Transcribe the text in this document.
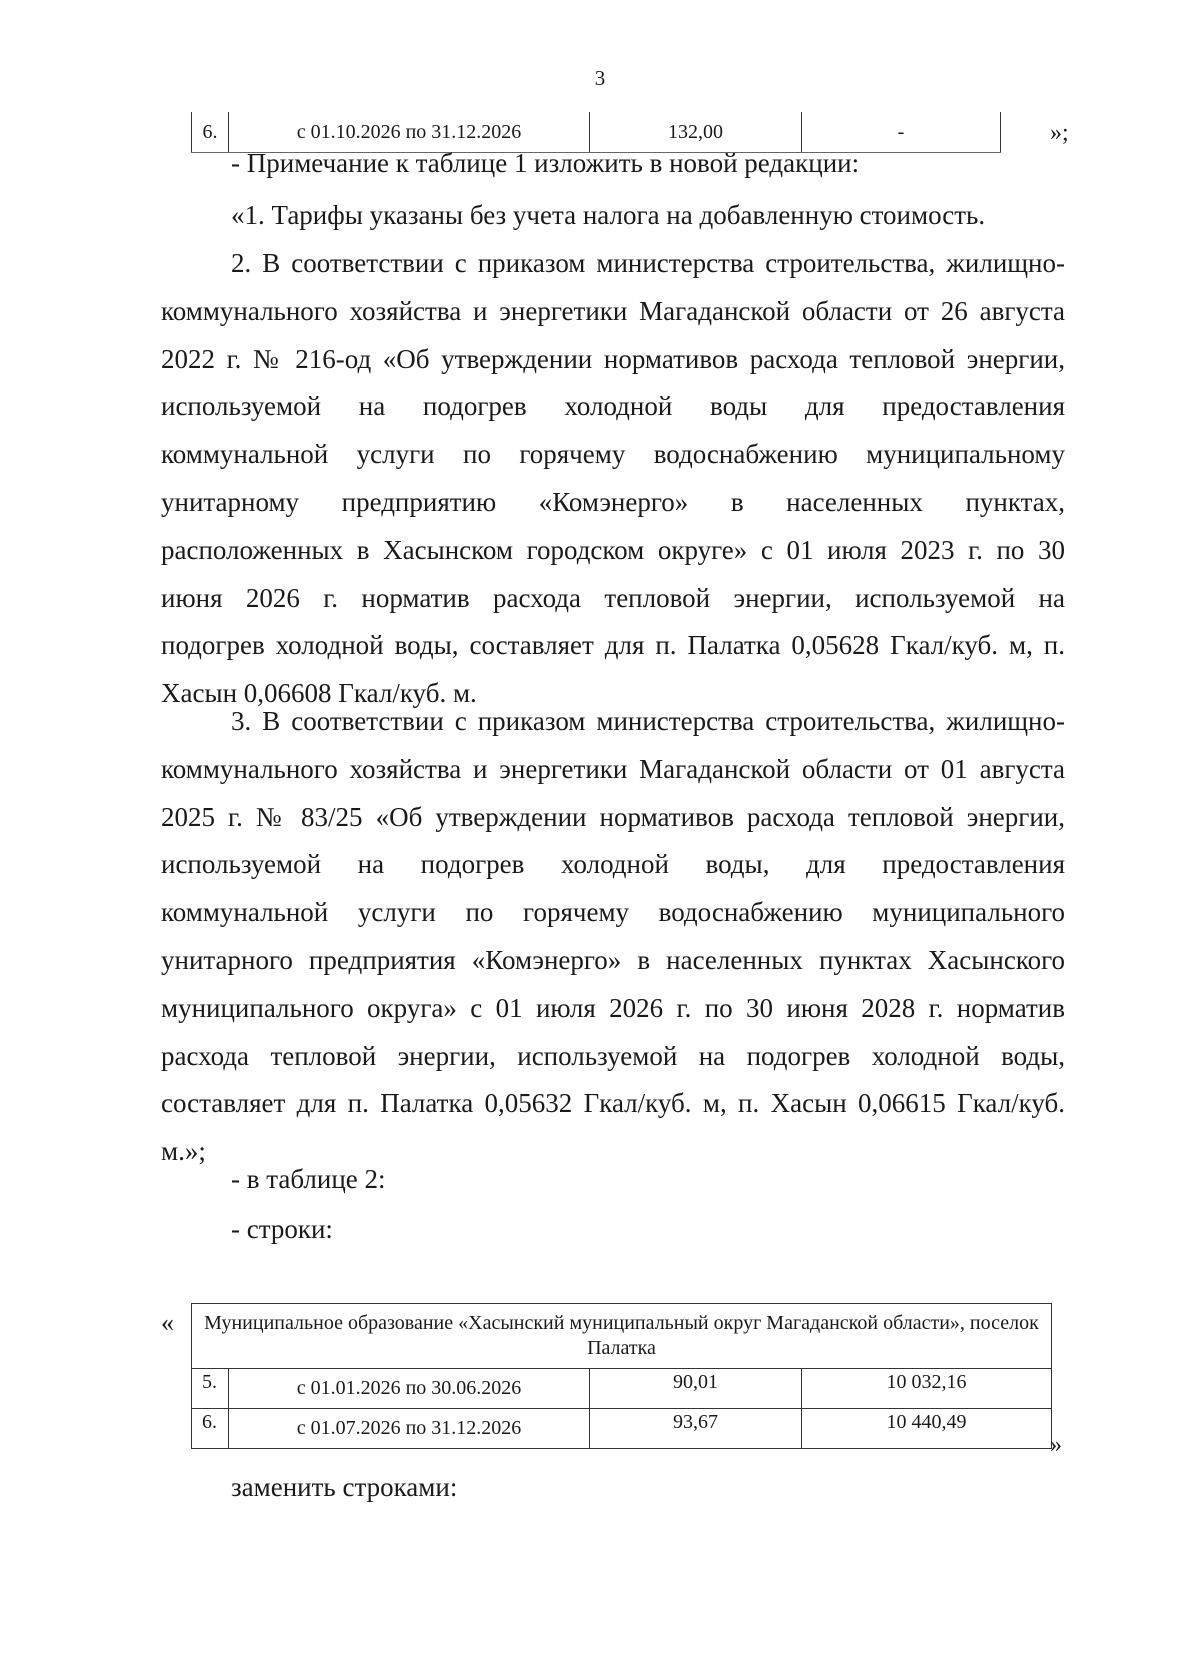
3
6.	с 01.10.2026 по 31.12.2026	132,00	-	»;
- Примечание к таблице 1 изложить в новой редакции:
«1. Тарифы указаны без учета налога на добавленную стоимость.
2. В соответствии с приказом министерства строительства, жилищно-
коммунального хозяйства и энергетики Магаданской области от 26 августа
2022 г. № 216-од «Об утверждении нормативов расхода тепловой энергии,
используемой на подогрев холодной воды для предоставления
коммунальной услуги по горячему водоснабжению муниципальному
унитарному предприятию «Комэнерго» в населенных пунктах,
расположенных в Хасынском городском округе» с 01 июля 2023 г. по 30
июня 2026 г. норматив расхода тепловой энергии, используемой на
подогрев холодной воды, составляет для п. Палатка 0,05628 Гкал/куб. м, п.
Хасын 0,06608 Гкал/куб. м.
3. В соответствии с приказом министерства строительства, жилищно-
коммунального хозяйства и энергетики Магаданской области от 01 августа
2025 г. № 83/25 «Об утверждении нормативов расхода тепловой энергии,
используемой на подогрев холодной воды, для предоставления
коммунальной услуги по горячему водоснабжению муниципального
унитарного предприятия «Комэнерго» в населенных пунктах Хасынского
муниципального округа» с 01 июля 2026 г. по 30 июня 2028 г. норматив
расхода тепловой энергии, используемой на подогрев холодной воды,
составляет для п. Палатка 0,05632 Гкал/куб. м, п. Хасын 0,06615 Гкал/куб.
м.»;
- в таблице 2:
- строки:
« Муниципальное образование «Хасынский муниципальный округ Магаданской области», поселок Палатка			
5.	с 01.01.2026 по 30.06.2026	90,01	10 032,16
6.	с 01.07.2026 по 31.12.2026	93,67	10 440,49
»
заменить строками:
